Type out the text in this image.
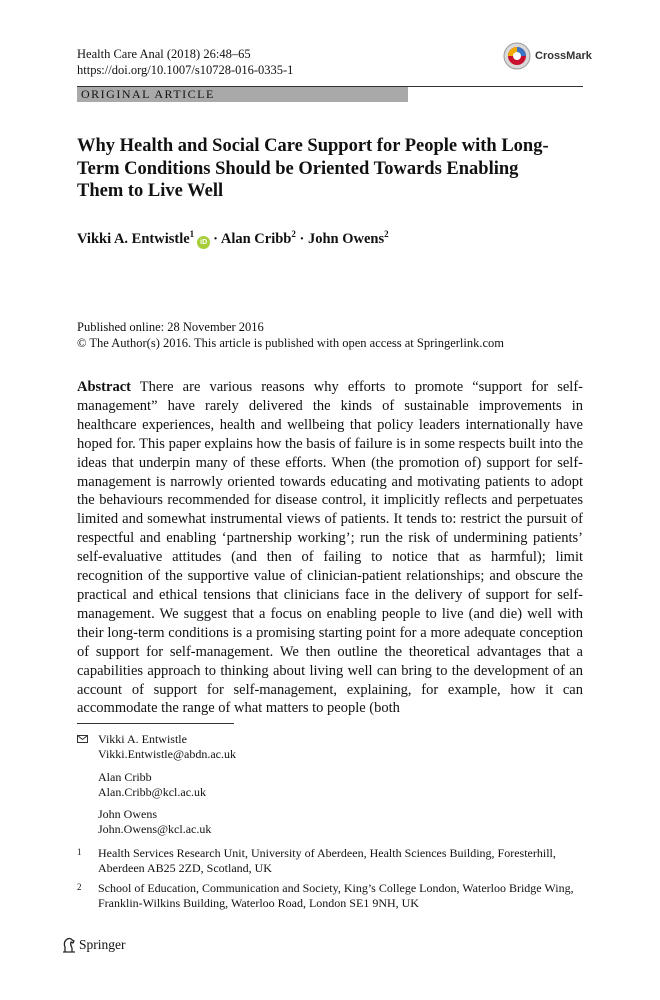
Health Care Anal (2018) 26:48–65
https://doi.org/10.1007/s10728-016-0335-1
CrossMark
ORIGINAL ARTICLE
Why Health and Social Care Support for People with Long-Term Conditions Should be Oriented Towards Enabling Them to Live Well
Vikki A. Entwistle$^1$iD · Alan Cribb$^2$ · John Owens$^2$
Published online: 28 November 2016
© The Author(s) 2016. This article is published with open access at Springerlink.com

Abstract There are various reasons why efforts to promote “support for self-management” have rarely delivered the kinds of sustainable improvements in healthcare experiences, health and wellbeing that policy leaders internationally have hoped for. This paper explains how the basis of failure is in some respects built into the ideas that underpin many of these efforts. When (the promotion of) support for self-management is narrowly oriented towards educating and motivating patients to adopt the behaviours recommended for disease control, it implicitly reflects and perpetuates limited and somewhat instrumental views of patients. It tends to: restrict the pursuit of respectful and enabling ‘partnership working’; run the risk of undermining patients’ self-evaluative attitudes (and then of failing to notice that as harmful); limit recognition of the supportive value of clinician-patient relationships; and obscure the practical and ethical tensions that clinicians face in the delivery of support for self-management. We suggest that a focus on enabling people to live (and die) well with their long-term conditions is a promising starting point for a more adequate conception of support for self-management. We then outline the theoretical advantages that a capabilities approach to thinking about living well can bring to the development of an account of support for self-management, explaining, for example, how it can accommodate the range of what matters to people (both

Vikki A. Entwistle
Vikki.Entwistle@abdn.ac.uk
Alan Cribb
Alan.Cribb@kcl.ac.uk
John Owens
John.Owens@kcl.ac.uk
1	Health Services Research Unit, University of Aberdeen, Health Sciences Building, Foresterhill, Aberdeen AB25 2ZD, Scotland, UK
2	School of Education, Communication and Society, King’s College London, Waterloo Bridge Wing, Franklin-Wilkins Building, Waterloo Road, London SE1 9NH, UK
Springer
